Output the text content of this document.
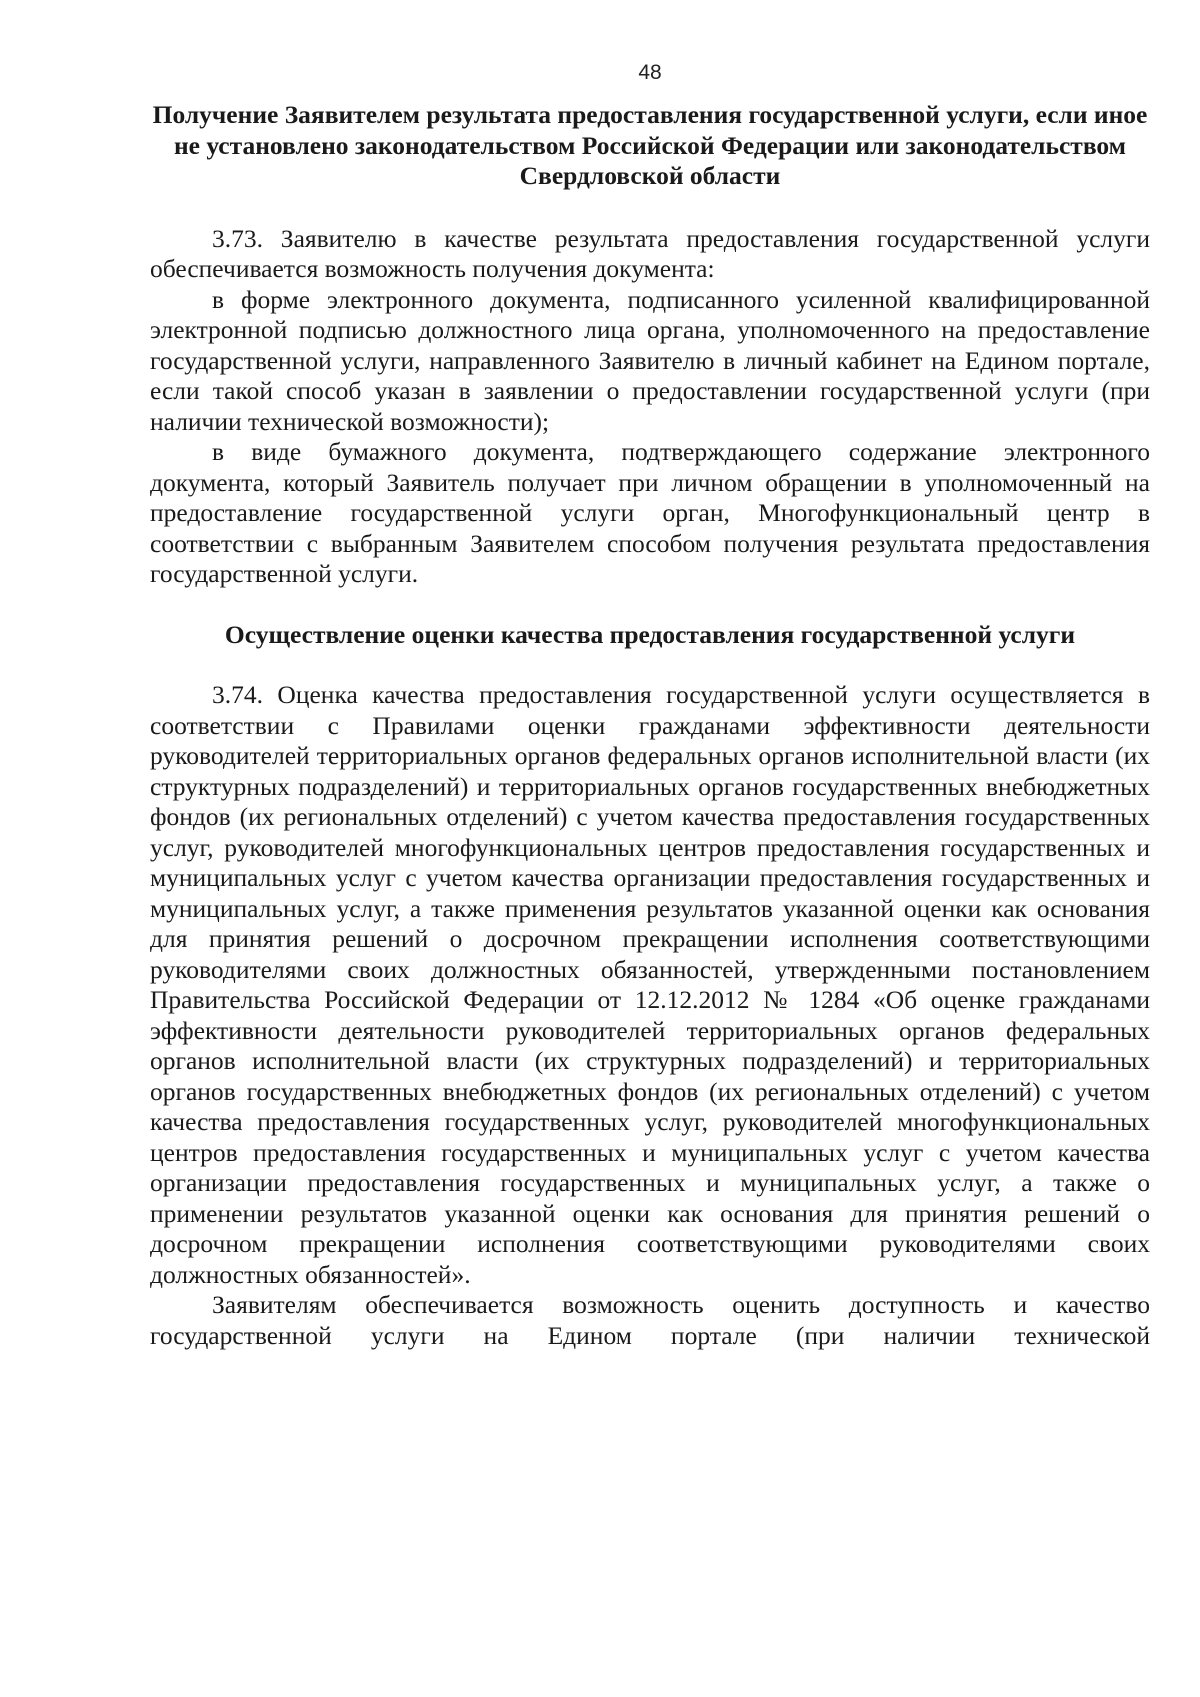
48
Получение Заявителем результата предоставления государственной услуги, если иное не установлено законодательством Российской Федерации или законодательством Свердловской области

3.73. Заявителю в качестве результата предоставления государственной услуги обеспечивается возможность получения документа:

в форме электронного документа, подписанного усиленной квалифицированной электронной подписью должностного лица органа, уполномоченного на предоставление государственной услуги, направленного Заявителю в личный кабинет на Едином портале, если такой способ указан в заявлении о предоставлении государственной услуги (при наличии технической возможности);

в виде бумажного документа, подтверждающего содержание электронного документа, который Заявитель получает при личном обращении в уполномоченный на предоставление государственной услуги орган, Многофункциональный центр в соответствии с выбранным Заявителем способом получения результата предоставления государственной услуги.

Осуществление оценки качества предоставления государственной услуги

3.74. Оценка качества предоставления государственной услуги осуществляется в соответствии с Правилами оценки гражданами эффективности деятельности руководителей территориальных органов федеральных органов исполнительной власти (их структурных подразделений) и территориальных органов государственных внебюджетных фондов (их региональных отделений) с учетом качества предоставления государственных услуг, руководителей многофункциональных центров предоставления государственных и муниципальных услуг с учетом качества организации предоставления государственных и муниципальных услуг, а также применения результатов указанной оценки как основания для принятия решений о досрочном прекращении исполнения соответствующими руководителями своих должностных обязанностей, утвержденными постановлением Правительства Российской Федерации от 12.12.2012 № 1284 «Об оценке гражданами эффективности деятельности руководителей территориальных органов федеральных органов исполнительной власти (их структурных подразделений) и территориальных органов государственных внебюджетных фондов (их региональных отделений) с учетом качества предоставления государственных услуг, руководителей многофункциональных центров предоставления государственных и муниципальных услуг с учетом качества организации предоставления государственных и муниципальных услуг, а также о применении результатов указанной оценки как основания для принятия решений о досрочном прекращении исполнения соответствующими руководителями своих должностных обязанностей».

Заявителям обеспечивается возможность оценить доступность и качество государственной услуги на Едином портале (при наличии технической
